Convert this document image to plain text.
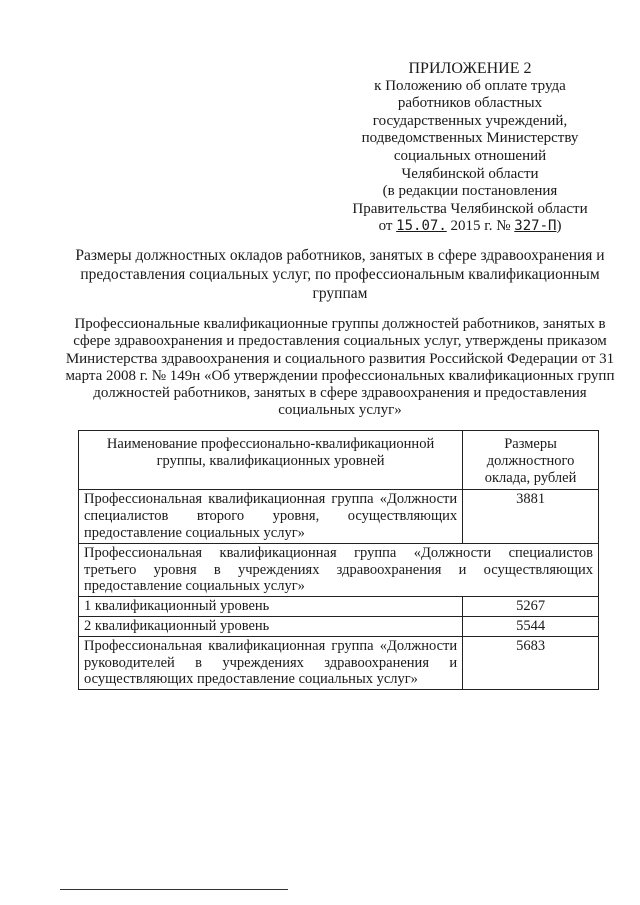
ПРИЛОЖЕНИЕ 2
к Положению об оплате труда
работников областных
государственных учреждений,
подведомственных Министерству
социальных отношений
Челябинской области
(в редакции постановления
Правительства Челябинской области
от 15.07. 2015 г. № 327-П)
Размеры должностных окладов работников, занятых в сфере здравоохранения и предоставления социальных услуг, по профессиональным квалификационным группам
Профессиональные квалификационные группы должностей работников, занятых в сфере здравоохранения и предоставления социальных услуг, утверждены приказом Министерства здравоохранения и социального развития Российской Федерации от 31 марта 2008 г. № 149н «Об утверждении профессиональных квалификационных групп должностей работников, занятых в сфере здравоохранения и предоставления социальных услуг»
Наименование профессионально-квалификационной группы, квалификационных уровней	Размеры должностного оклада, рублей
Профессиональная квалификационная группа «Должности специалистов второго уровня, осуществляющих предоставление социальных услуг»	3881
Профессиональная квалификационная группа «Должности специалистов третьего уровня в учреждениях здравоохранения и осуществляющих предоставление социальных услуг»	
1 квалификационный уровень	5267
2 квалификационный уровень	5544
Профессиональная квалификационная группа «Должности руководителей в учреждениях здравоохранения и осуществляющих предоставление социальных услуг»	5683
